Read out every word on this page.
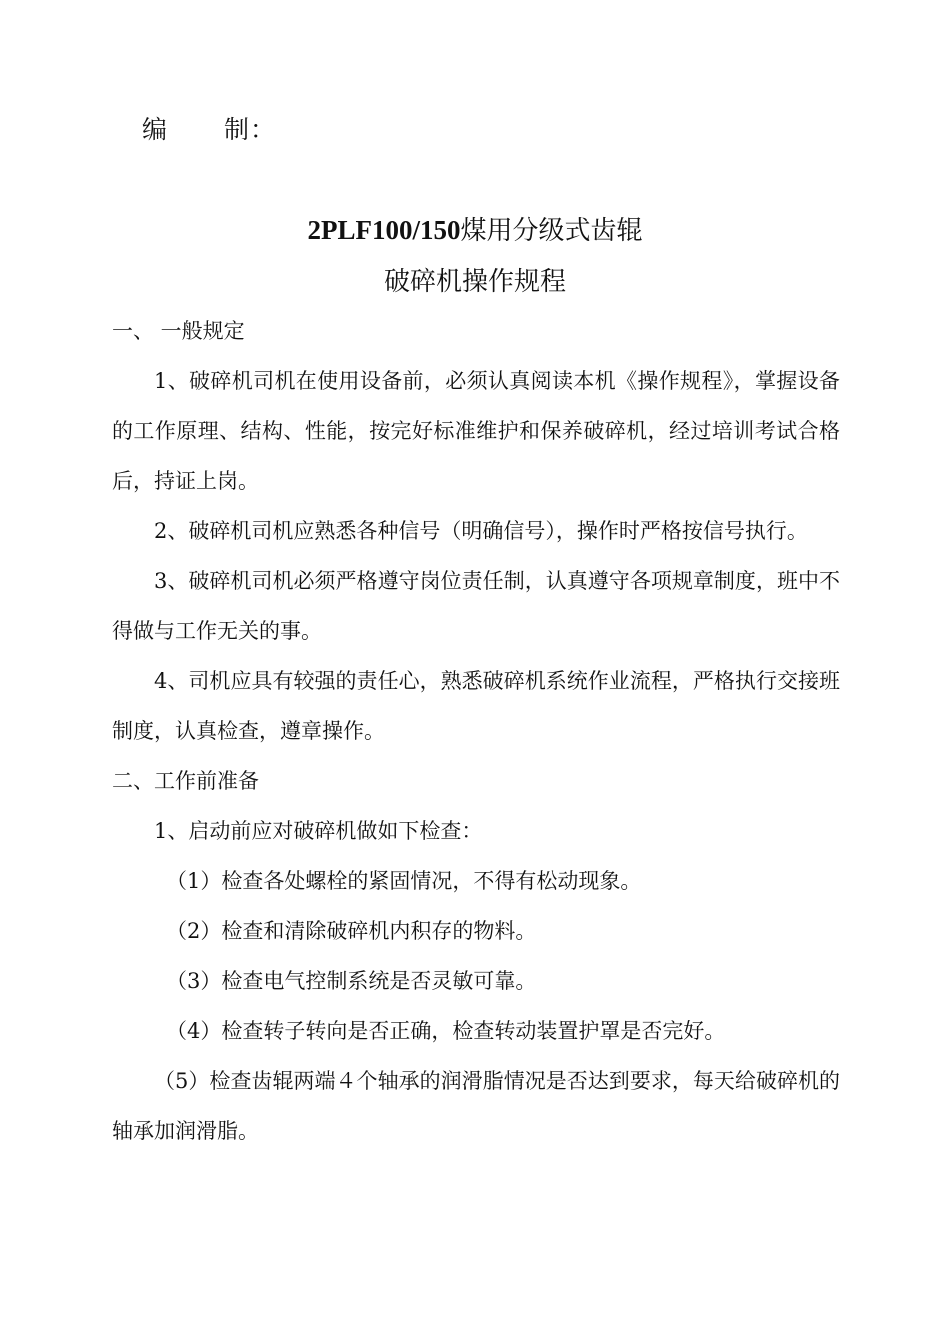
编 制：
2PLF100/150煤用分级式齿辊
破碎机操作规程

一、 一般规定

1、破碎机司机在使用设备前，必须认真阅读本机《操作规程》，掌握设备的工作原理、结构、性能，按完好标准维护和保养破碎机，经过培训考试合格后，持证上岗。

2、破碎机司机应熟悉各种信号（明确信号），操作时严格按信号执行。

3、破碎机司机必须严格遵守岗位责任制，认真遵守各项规章制度，班中不得做与工作无关的事。

4、司机应具有较强的责任心，熟悉破碎机系统作业流程，严格执行交接班制度，认真检查，遵章操作。

二、工作前准备

1、启动前应对破碎机做如下检查：

（1）检查各处螺栓的紧固情况，不得有松动现象。

（2）检查和清除破碎机内积存的物料。

（3）检查电气控制系统是否灵敏可靠。

（4）检查转子转向是否正确，检查转动装置护罩是否完好。

（5）检查齿辊两端４个轴承的润滑脂情况是否达到要求，每天给破碎机的轴承加润滑脂。
